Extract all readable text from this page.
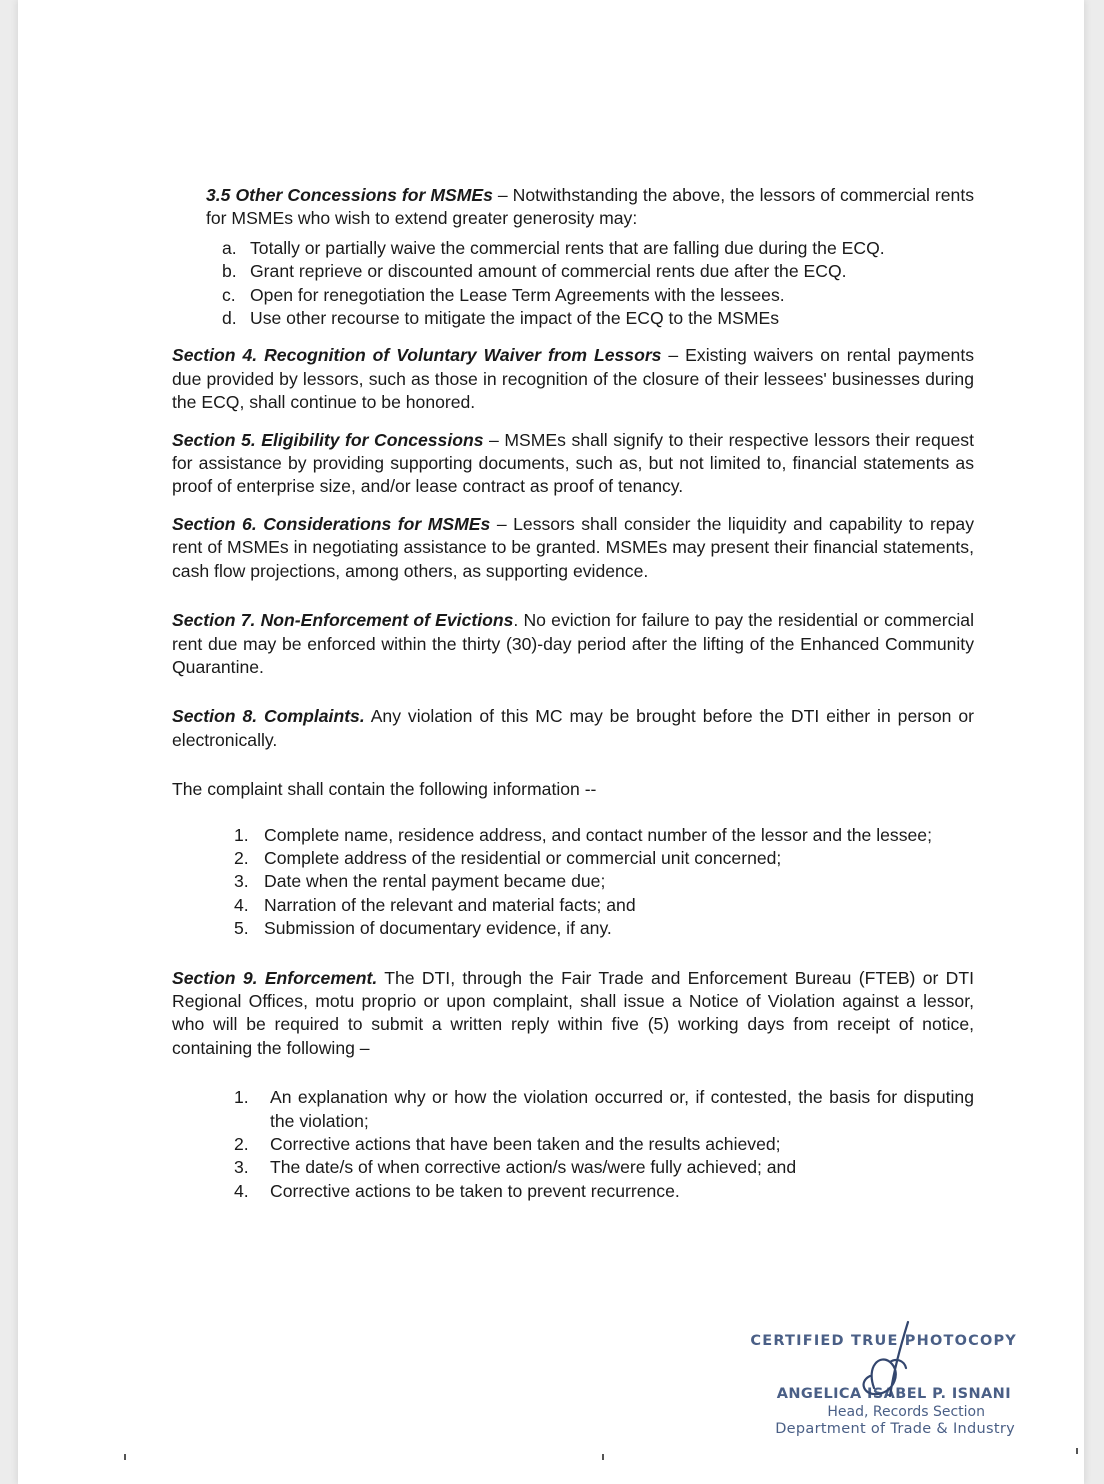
3.5 Other Concessions for MSMEs – Notwithstanding the above, the lessors of commercial rents for MSMEs who wish to extend greater generosity may:
a. Totally or partially waive the commercial rents that are falling due during the ECQ.
b. Grant reprieve or discounted amount of commercial rents due after the ECQ.
c. Open for renegotiation the Lease Term Agreements with the lessees.
d. Use other recourse to mitigate the impact of the ECQ to the MSMEs
Section 4. Recognition of Voluntary Waiver from Lessors – Existing waivers on rental payments due provided by lessors, such as those in recognition of the closure of their lessees' businesses during the ECQ, shall continue to be honored.
Section 5. Eligibility for Concessions – MSMEs shall signify to their respective lessors their request for assistance by providing supporting documents, such as, but not limited to, financial statements as proof of enterprise size, and/or lease contract as proof of tenancy.
Section 6. Considerations for MSMEs – Lessors shall consider the liquidity and capability to repay rent of MSMEs in negotiating assistance to be granted. MSMEs may present their financial statements, cash flow projections, among others, as supporting evidence.
Section 7. Non-Enforcement of Evictions. No eviction for failure to pay the residential or commercial rent due may be enforced within the thirty (30)-day period after the lifting of the Enhanced Community Quarantine.
Section 8. Complaints. Any violation of this MC may be brought before the DTI either in person or electronically.
The complaint shall contain the following information --
1. Complete name, residence address, and contact number of the lessor and the lessee;
2. Complete address of the residential or commercial unit concerned;
3. Date when the rental payment became due;
4. Narration of the relevant and material facts; and
5. Submission of documentary evidence, if any.
Section 9. Enforcement. The DTI, through the Fair Trade and Enforcement Bureau (FTEB) or DTI Regional Offices, motu proprio or upon complaint, shall issue a Notice of Violation against a lessor, who will be required to submit a written reply within five (5) working days from receipt of notice, containing the following –
1.	An explanation why or how the violation occurred or, if contested, the basis for disputing the violation;
2.	Corrective actions that have been taken and the results achieved;
3.	The date/s of when corrective action/s was/were fully achieved; and
4.	Corrective actions to be taken to prevent recurrence.
CERTIFIED TRUE PHOTOCOPY
ANGELICA ISABEL P. ISNANI
Head, Records Section
Department of Trade & Industry
